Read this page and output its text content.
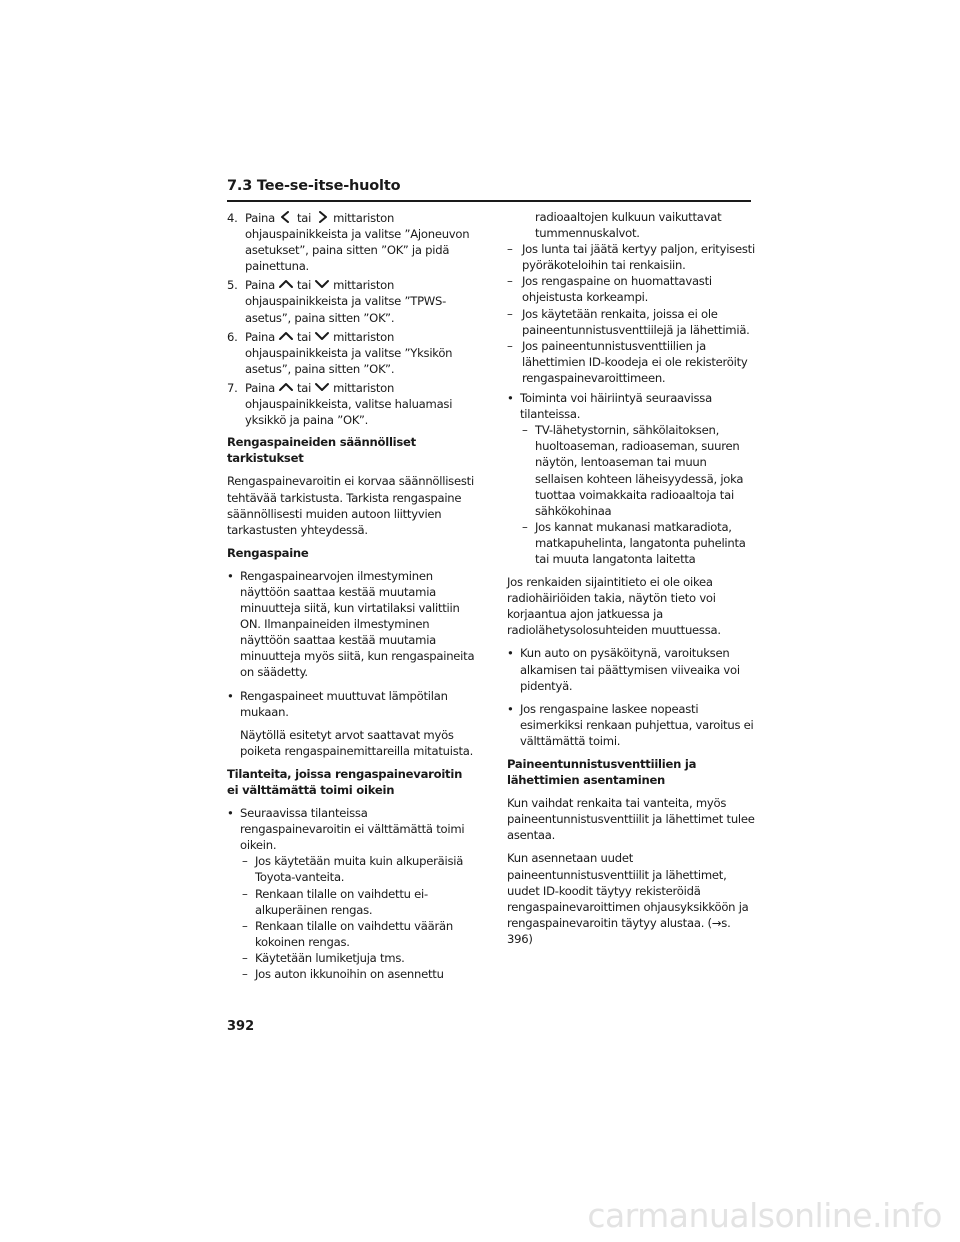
7.3 Tee-se-itse-huolto
4. Paina tai mittariston
ohjauspainikkeista ja valitse ”Ajoneuvon asetukset”, paina sitten ”OK” ja pidä painettuna.
5. Paina tai mittariston
ohjauspainikkeista ja valitse ”TPWS-asetus”, paina sitten ”OK”.
6. Paina tai mittariston
ohjauspainikkeista ja valitse ”Yksikön asetus”, paina sitten ”OK”.
7. Paina tai mittariston
ohjauspainikkeista, valitse haluamasi yksikkö ja paina ”OK”.
Rengaspaineiden säännölliset tarkistukset
Rengaspainevaroitin ei korvaa säännöllisesti tehtävää tarkistusta. Tarkista rengaspaine säännöllisesti muiden autoon liittyvien tarkastusten yhteydessä.
Rengaspaine
• Rengaspainearvojen ilmestyminen näyttöön saattaa kestää muutamia minuutteja siitä, kun virtatilaksi valittiin ON. Ilmanpaineiden ilmestyminen näyttöön saattaa kestää muutamia minuutteja myös siitä, kun rengaspaineita on säädetty.
• Rengaspaineet muuttuvat lämpötilan mukaan.
Näytöllä esitetyt arvot saattavat myös poiketa rengaspainemittareilla mitatuista.
Tilanteita, joissa rengaspainevaroitin ei välttämättä toimi oikein
• Seuraavissa tilanteissa rengaspainevaroitin ei välttämättä toimi oikein.
– Jos käytetään muita kuin alkuperäisiä Toyota-vanteita.
– Renkaan tilalle on vaihdettu ei-alkuperäinen rengas.
– Renkaan tilalle on vaihdettu väärän kokoinen rengas.
– Käytetään lumiketjuja tms.
– Jos auton ikkunoihin on asennettu
radioaaltojen kulkuun vaikuttavat tummennuskalvot.
– Jos lunta tai jäätä kertyy paljon, erityisesti pyöräkoteloihin tai renkaisiin.
– Jos rengaspaine on huomattavasti ohjeistusta korkeampi.
– Jos käytetään renkaita, joissa ei ole paineentunnistusventtiilejä ja lähettimiä.
– Jos paineentunnistusventtiilien ja lähettimien ID-koodeja ei ole rekisteröity rengaspainevaroittimeen.
• Toiminta voi häiriintyä seuraavissa tilanteissa.
– TV-lähetystornin, sähkölaitoksen, huoltoaseman, radioaseman, suuren näytön, lentoaseman tai muun sellaisen kohteen läheisyydessä, joka tuottaa voimakkaita radioaaltoja tai sähkökohinaa
– Jos kannat mukanasi matkaradiota, matkapuhelinta, langatonta puhelinta tai muuta langatonta laitetta
Jos renkaiden sijaintitieto ei ole oikea radiohäiriöiden takia, näytön tieto voi korjaantua ajon jatkuessa ja radiolähetysolosuhteiden muuttuessa.
• Kun auto on pysäköitynä, varoituksen alkamisen tai päättymisen viiveaika voi pidentyä.
• Jos rengaspaine laskee nopeasti esimerkiksi renkaan puhjettua, varoitus ei välttämättä toimi.
Paineentunnistusventtiilien ja lähettimien asentaminen
Kun vaihdat renkaita tai vanteita, myös paineentunnistusventtiilit ja lähettimet tulee asentaa.
Kun asennetaan uudet paineentunnistusventtiilit ja lähettimet, uudet ID-koodit täytyy rekisteröidä rengaspainevaroittimen ohjausyksikköön ja rengaspainevaroitin täytyy alustaa. (→s. 396)
392
carmanualsonline.info
